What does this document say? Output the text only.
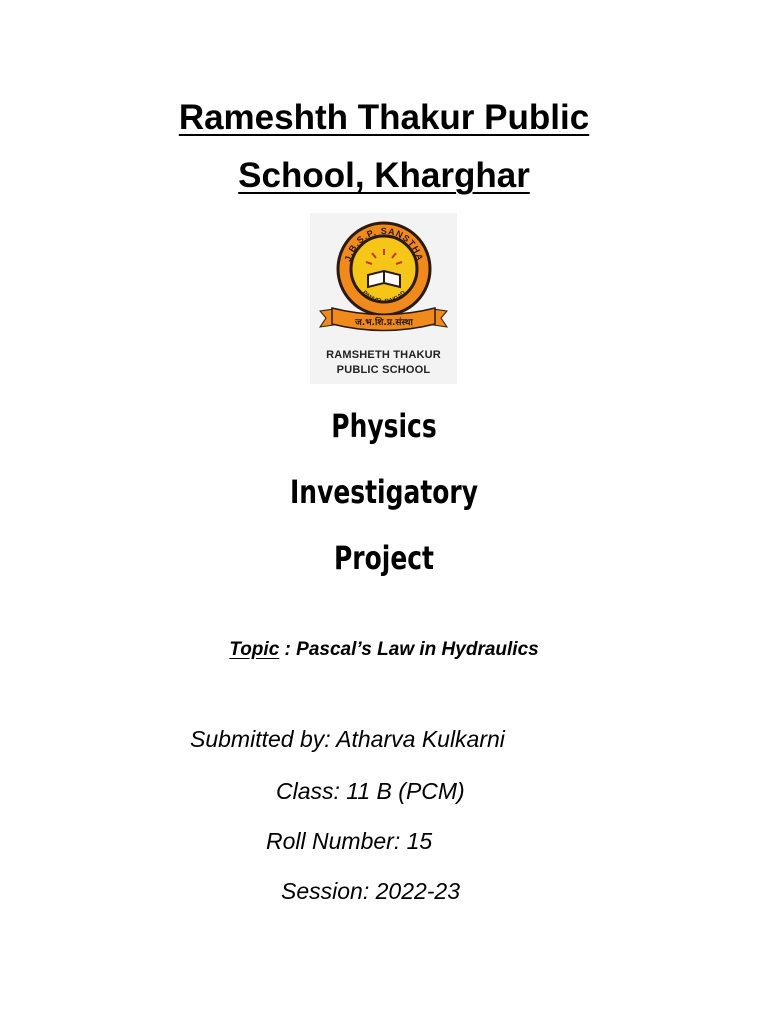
Rameshth Thakur Public
School, Kharghar
J.B.S.P. SANSTHA
PANVEL.RAIGAD
ज.भ.शि.प्र.संस्था
RAMSHETH THAKUR
PUBLIC SCHOOL
Physics
Investigatory
Project
Topic : Pascal’s Law in Hydraulics
Submitted by: Atharva Kulkarni
Class: 11 B (PCM)
Roll Number: 15
Session: 2022-23
